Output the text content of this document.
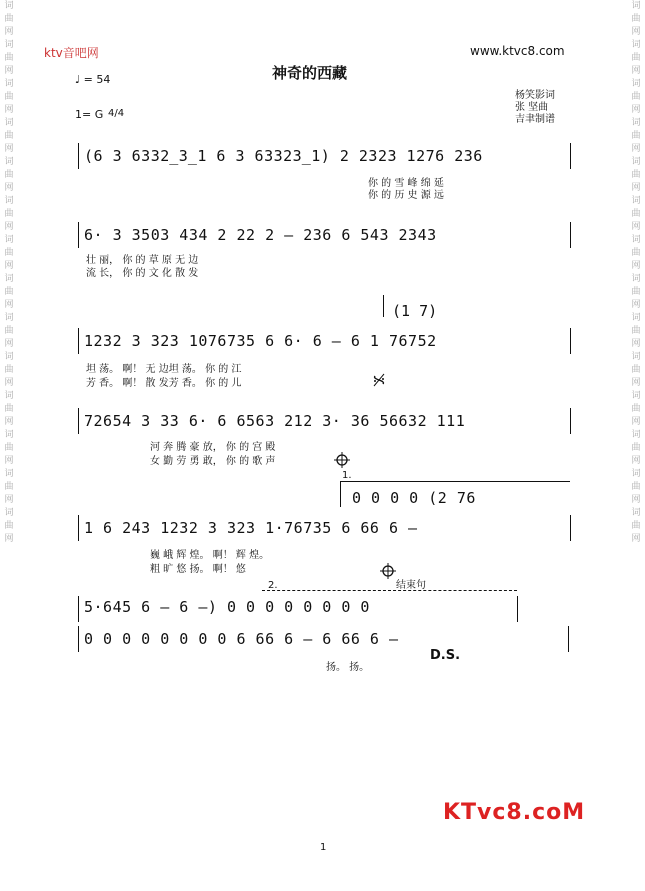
词曲网词曲网词曲网词曲网词曲网词曲网词曲网词曲网词曲网词曲网词曲网词曲网词曲网词曲网
词曲网词曲网词曲网词曲网词曲网词曲网词曲网词曲网词曲网词曲网词曲网词曲网词曲网词曲网
ktv音吧网	www.ktvc8.com
神奇的西藏
♩ = 54
1= G 4/4
杨笑影词
张 坚曲
吉聿制谱
(6 3 6332̲3̲1 6 3 63323̲1) 2 2323 1276 236
你 的 雪 峰 绵 延
你 的 历 史 源 远
6· 3 3503 434 2 22 2 — 236 6 543 2343
壮 丽， 你 的 草 原 无 边
流 长， 你 的 文 化 散 发
(1 7)
1232 3 323 1076735 6 6· 6 — 6 1 76752
坦 荡。 啊！ 无 边坦 荡。 你 的 江
芳 香。 啊！ 散 发芳 香。 你 的 儿
72654 3 33 6· 6 6563 212 3· 36 56632 111
河 奔 腾 豪 放， 你 的 宫 殿
女 勤 劳 勇 敢， 你 的 歌 声
1.
0 0 0 0 (2 76
1 6 243 1232 3 323 1·76735 6 66 6 —
巍 峨 辉 煌。 啊！ 辉 煌。
粗 旷 悠 扬。 啊！ 悠
2.	结束句
5·645 6 — 6 —) 0 0 0 0 0 0 0 0
0 0 0 0 0 0 0 0 6 66 6 — 6 66 6 —
D.S.
扬。 扬。
KTvc8.coM
1
